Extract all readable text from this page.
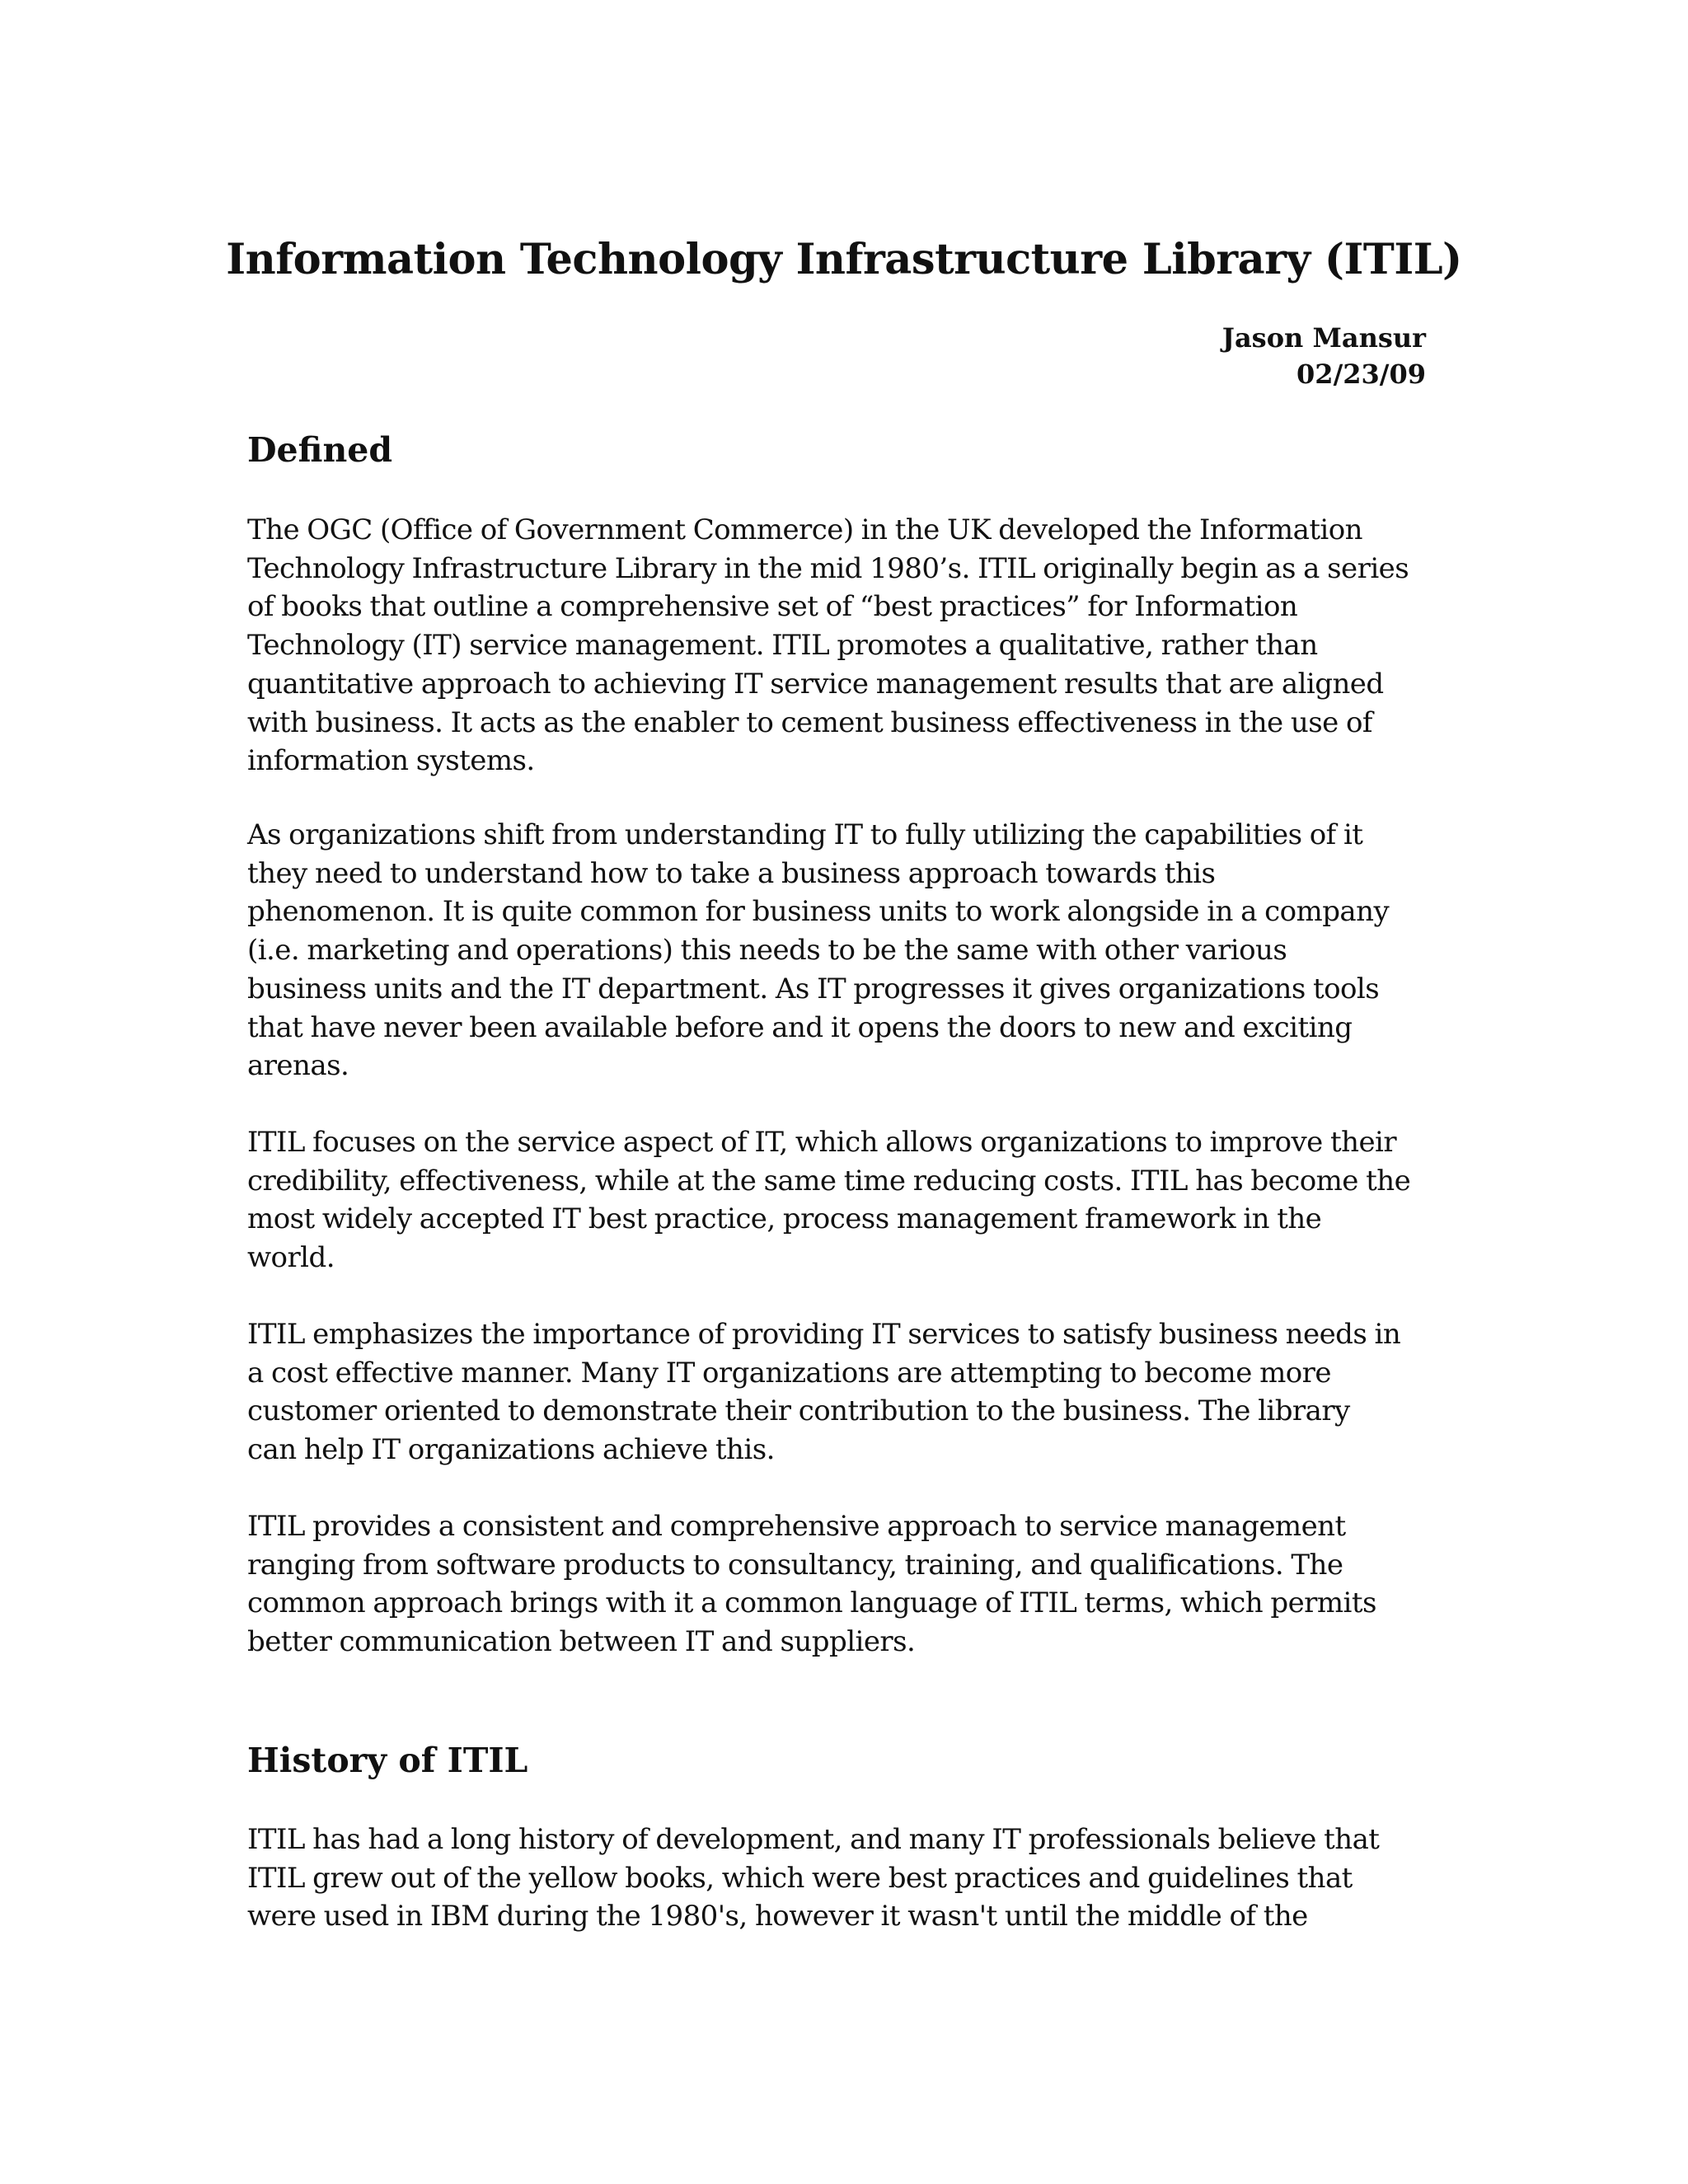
Information Technology Infrastructure Library (ITIL)
Jason Mansur
02/23/09
Defined
The OGC (Office of Government Commerce) in the UK developed the Information
Technology Infrastructure Library in the mid 1980’s. ITIL originally begin as a series
of books that outline a comprehensive set of “best practices” for Information
Technology (IT) service management. ITIL promotes a qualitative, rather than
quantitative approach to achieving IT service management results that are aligned
with business. It acts as the enabler to cement business effectiveness in the use of
information systems.
As organizations shift from understanding IT to fully utilizing the capabilities of it
they need to understand how to take a business approach towards this
phenomenon. It is quite common for business units to work alongside in a company
(i.e. marketing and operations) this needs to be the same with other various
business units and the IT department. As IT progresses it gives organizations tools
that have never been available before and it opens the doors to new and exciting
arenas.
ITIL focuses on the service aspect of IT, which allows organizations to improve their
credibility, effectiveness, while at the same time reducing costs. ITIL has become the
most widely accepted IT best practice, process management framework in the
world.
ITIL emphasizes the importance of providing IT services to satisfy business needs in
a cost effective manner. Many IT organizations are attempting to become more
customer oriented to demonstrate their contribution to the business. The library
can help IT organizations achieve this.
ITIL provides a consistent and comprehensive approach to service management
ranging from software products to consultancy, training, and qualifications. The
common approach brings with it a common language of ITIL terms, which permits
better communication between IT and suppliers.
History of ITIL
ITIL has had a long history of development, and many IT professionals believe that
ITIL grew out of the yellow books, which were best practices and guidelines that
were used in IBM during the 1980's, however it wasn't until the middle of the
